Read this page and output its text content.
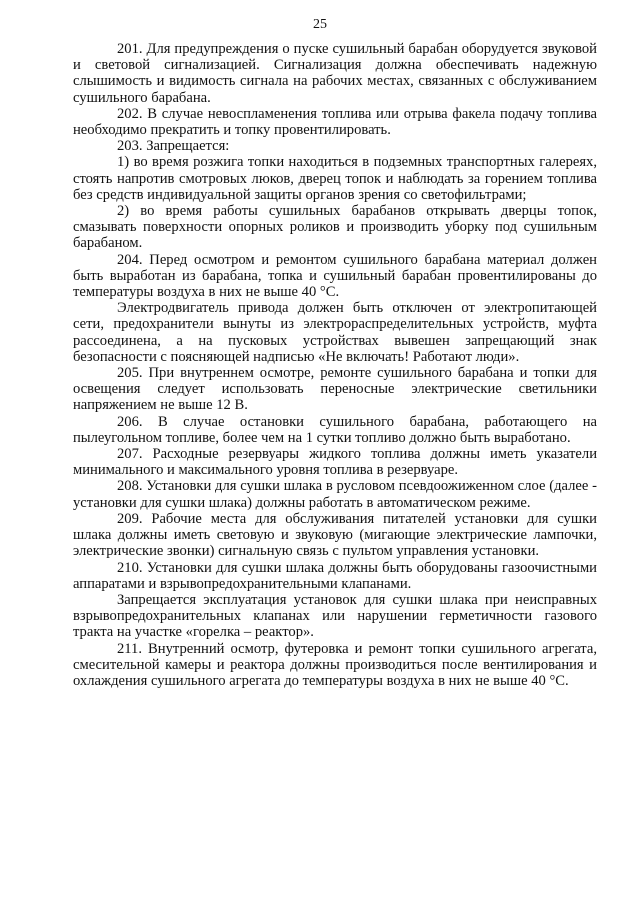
25

201. Для предупреждения о пуске сушильный барабан оборудуется звуковой и световой сигнализацией. Сигнализация должна обеспечивать надежную слышимость и видимость сигнала на рабочих местах, связанных с обслуживанием сушильного барабана.

202. В случае невоспламенения топлива или отрыва факела подачу топлива необходимо прекратить и топку провентилировать.

203. Запрещается:

1) во время розжига топки находиться в подземных транспортных галереях, стоять напротив смотровых люков, дверец топок и наблюдать за горением топлива без средств индивидуальной защиты органов зрения со светофильтрами;

2) во время работы сушильных барабанов открывать дверцы топок, смазывать поверхности опорных роликов и производить уборку под сушильным барабаном.

204. Перед осмотром и ремонтом сушильного барабана материал должен быть выработан из барабана, топка и сушильный барабан провентилированы до температуры воздуха в них не выше 40 °С.

Электродвигатель привода должен быть отключен от электропитающей сети, предохранители вынуты из электрораспределительных устройств, муфта рассоединена, а на пусковых устройствах вывешен запрещающий знак безопасности с поясняющей надписью «Не включать! Работают люди».

205. При внутреннем осмотре, ремонте сушильного барабана и топки для освещения следует использовать переносные электрические светильники напряжением не выше 12 В.

206. В случае остановки сушильного барабана, работающего на пылеугольном топливе, более чем на 1 сутки топливо должно быть выработано.

207. Расходные резервуары жидкого топлива должны иметь указатели минимального и максимального уровня топлива в резервуаре.

208. Установки для сушки шлака в русловом псевдоожиженном слое (далее - установки для сушки шлака) должны работать в автоматическом режиме.

209. Рабочие места для обслуживания питателей установки для сушки шлака должны иметь световую и звуковую (мигающие электрические лампочки, электрические звонки) сигнальную связь с пультом управления установки.

210. Установки для сушки шлака должны быть оборудованы газоочистными аппаратами и взрывопредохранительными клапанами.

Запрещается эксплуатация установок для сушки шлака при неисправных взрывопредохранительных клапанах или нарушении герметичности газового тракта на участке «горелка – реактор».

211. Внутренний осмотр, футеровка и ремонт топки сушильного агрегата, смесительной камеры и реактора должны производиться после вентилирования и охлаждения сушильного агрегата до температуры воздуха в них не выше 40 °С.
